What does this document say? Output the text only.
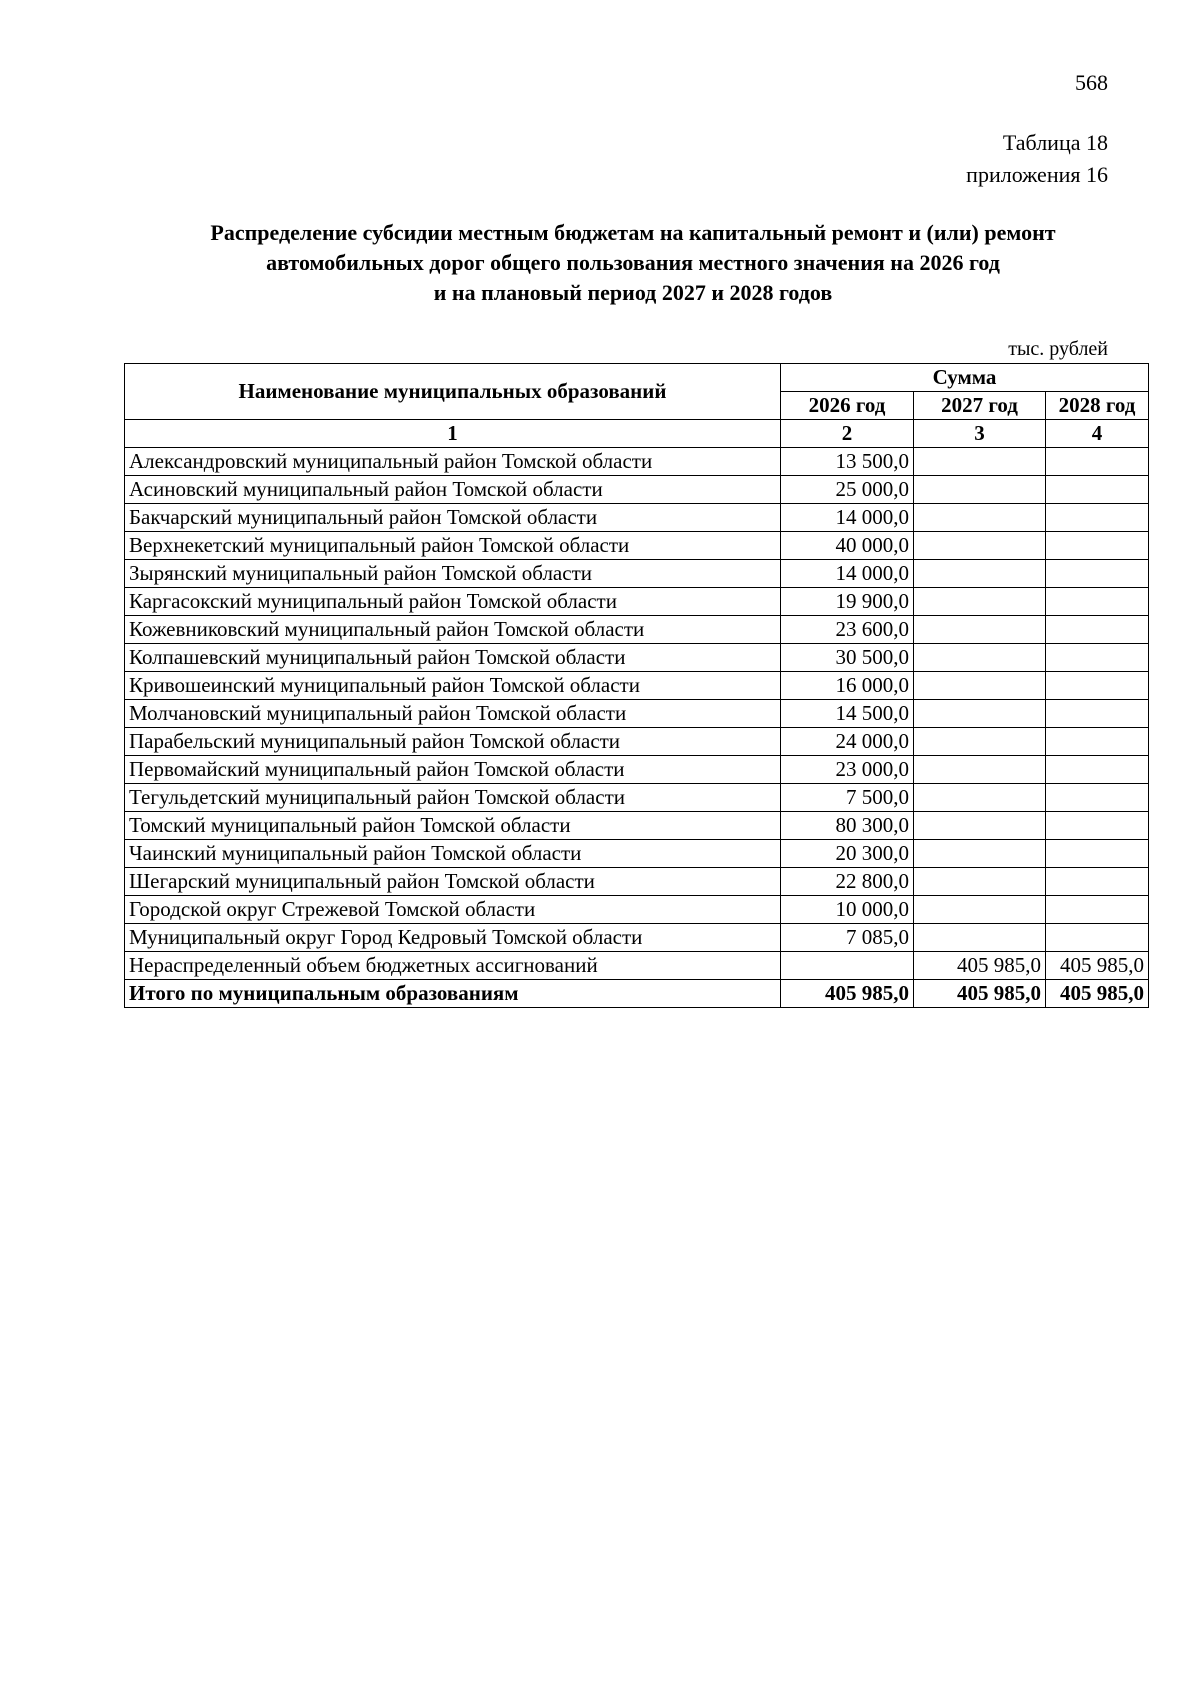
568
Таблица 18
приложения 16
Распределение субсидии местным бюджетам на капитальный ремонт и (или) ремонт
автомобильных дорог общего пользования местного значения на 2026 год
и на плановый период 2027 и 2028 годов
тыс. рублей
Наименование муниципальных образований	Сумма		
	2026 год	2027 год	2028 год
1	2	3	4
Александровский муниципальный район Томской области	13 500,0		
Асиновский муниципальный район Томской области	25 000,0		
Бакчарский муниципальный район Томской области	14 000,0		
Верхнекетский муниципальный район Томской области	40 000,0		
Зырянский муниципальный район Томской области	14 000,0		
Каргасокский муниципальный район Томской области	19 900,0		
Кожевниковский муниципальный район Томской области	23 600,0		
Колпашевский муниципальный район Томской области	30 500,0		
Кривошеинский муниципальный район Томской области	16 000,0		
Молчановский муниципальный район Томской области	14 500,0		
Парабельский муниципальный район Томской области	24 000,0		
Первомайский муниципальный район Томской области	23 000,0		
Тегульдетский муниципальный район Томской области	7 500,0		
Томский муниципальный район Томской области	80 300,0		
Чаинский муниципальный район Томской области	20 300,0		
Шегарский муниципальный район Томской области	22 800,0		
Городской округ Стрежевой Томской области	10 000,0		
Муниципальный округ Город Кедровый Томской области	7 085,0		
Нераспределенный объем бюджетных ассигнований		405 985,0	405 985,0
Итого по муниципальным образованиям	405 985,0	405 985,0	405 985,0
